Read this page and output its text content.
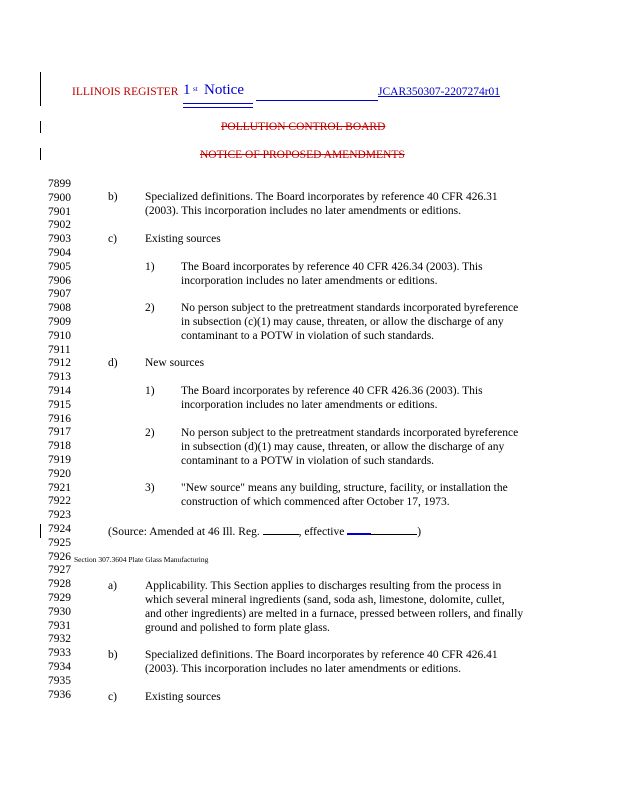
ILLINOIS REGISTER 1 st Notice	JCAR350307-2207274r01
POLLUTION CONTROL BOARD
NOTICE OF PROPOSED AMENDMENTS
7899
7900
7901
7902
7903
7904
7905
7906
7907
7908
7909
7910
7911
7912
7913
7914
7915
7916
7917
7918
7919
7920
7921
7922
7923
7924
7925
7926
7927
7928
7929
7930
7931
7932
7933
7934
7935
7936
b) Specialized definitions. The Board incorporates by reference 40 CFR 426.31
(2003). This incorporation includes no later amendments or editions.
c) Existing sources
1) The Board incorporates by reference 40 CFR 426.34 (2003). This
incorporation includes no later amendments or editions.
2) No person subject to the pretreatment standards incorporated byreference
in subsection (c)(1) may cause, threaten, or allow the discharge of any
contaminant to a POTW in violation of such standards.
d) New sources
1) The Board incorporates by reference 40 CFR 426.36 (2003). This
incorporation includes no later amendments or editions.
2) No person subject to the pretreatment standards incorporated byreference
in subsection (d)(1) may cause, threaten, or allow the discharge of any
contaminant to a POTW in violation of such standards.
3) "New source" means any building, structure, facility, or installation the
construction of which commenced after October 17, 1973.
(Source: Amended at 46 Ill. Reg.	, effective	)
Section 307.3604 Plate Glass Manufacturing
a) Applicability. This Section applies to discharges resulting from the process in
which several mineral ingredients (sand, soda ash, limestone, dolomite, cullet,
and other ingredients) are melted in a furnace, pressed between rollers, and finally
ground and polished to form plate glass.
b) Specialized definitions. The Board incorporates by reference 40 CFR 426.41
(2003). This incorporation includes no later amendments or editions.
c) Existing sources
